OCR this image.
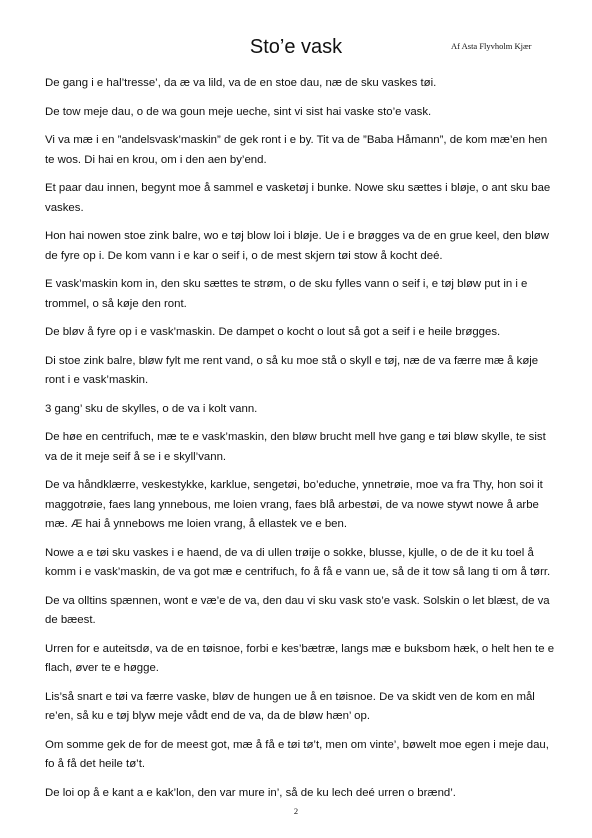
Sto’e vask	Af Asta Flyvholm Kjær

De gang i e hal’tresse’, da æ va lild, va de en stoe dau, næ de sku vaskes tøi.

De tow meje dau, o de wa goun meje ueche, sint vi sist hai vaske sto’e vask.

Vi va mæ i en ”andelsvask’maskin” de gek ront i e by. Tit va de ”Baba Håmann”, de kom mæ’en hen te wos. Di hai en krou, om i den aen by’end.

Et paar dau innen, begynt moe å sammel e vasketøj i bunke. Nowe sku sættes i bløje, o ant sku bae vaskes.

Hon hai nowen stoe zink balre, wo e tøj blow loi i bløje. Ue i e brøgges va de en grue keel, den bløw de fyre op i. De kom vann i e kar o seif i, o de mest skjern tøi stow å kocht deé.

E vask’maskin kom in, den sku sættes te strøm, o de sku fylles vann o seif i, e tøj bløw put in i e trommel, o så køje den ront.

De bløv å fyre op i e vask’maskin. De dampet o kocht o lout så got a seif i e heile brøgges.

Di stoe zink balre, bløw fylt me rent vand, o så ku moe stå o skyll e tøj, næ de va færre mæ å køje ront i e vask’maskin.

3 gang’ sku de skylles, o de va i kolt vann.

De høe en centrifuch, mæ te e vask’maskin, den bløw brucht mell hve gang e tøi bløw skylle, te sist va de it meje seif å se i e skyll’vann.

De va håndklærre, veskestykke, karklue, sengetøi, bo’eduche, ynnetrøie, moe va fra Thy, hon soi it maggotrøie, faes lang ynnebous, me loien vrang, faes blå arbestøi, de va nowe stywt nowe å arbe mæ. Æ hai å ynnebows me loien vrang, å ellastek ve e ben.

Nowe a e tøi sku vaskes i e haend, de va di ullen trøije o sokke, blusse, kjulle, o de de it ku toel å komm i e vask’maskin, de va got mæ e centrifuch, fo å få e vann ue, så de it tow så lang ti om å tørr.

De va olltins spænnen, wont e væ’e de va, den dau vi sku vask sto’e vask. Solskin o let blæst, de va de bæest.

Urren for e auteitsdø, va de en tøisnoe, forbi e kes’bætræ, langs mæ e buksbom hæk, o helt hen te e flach, øver te e høgge.

Lis’så snart e tøi va færre vaske, bløv de hungen ue å en tøisnoe. De va skidt ven de kom en mål re’en, så ku e tøj blyw meje vådt end de va, da de bløw hæn’ op.

Om somme gek de for de meest got, mæ å få e tøi tø’t, men om vinte’, bøwelt moe egen i meje dau, fo å få det heile tø’t.

De loi op å e kant a e kak’lon, den var mure in’, så de ku lech deé urren o brænd’.

2
